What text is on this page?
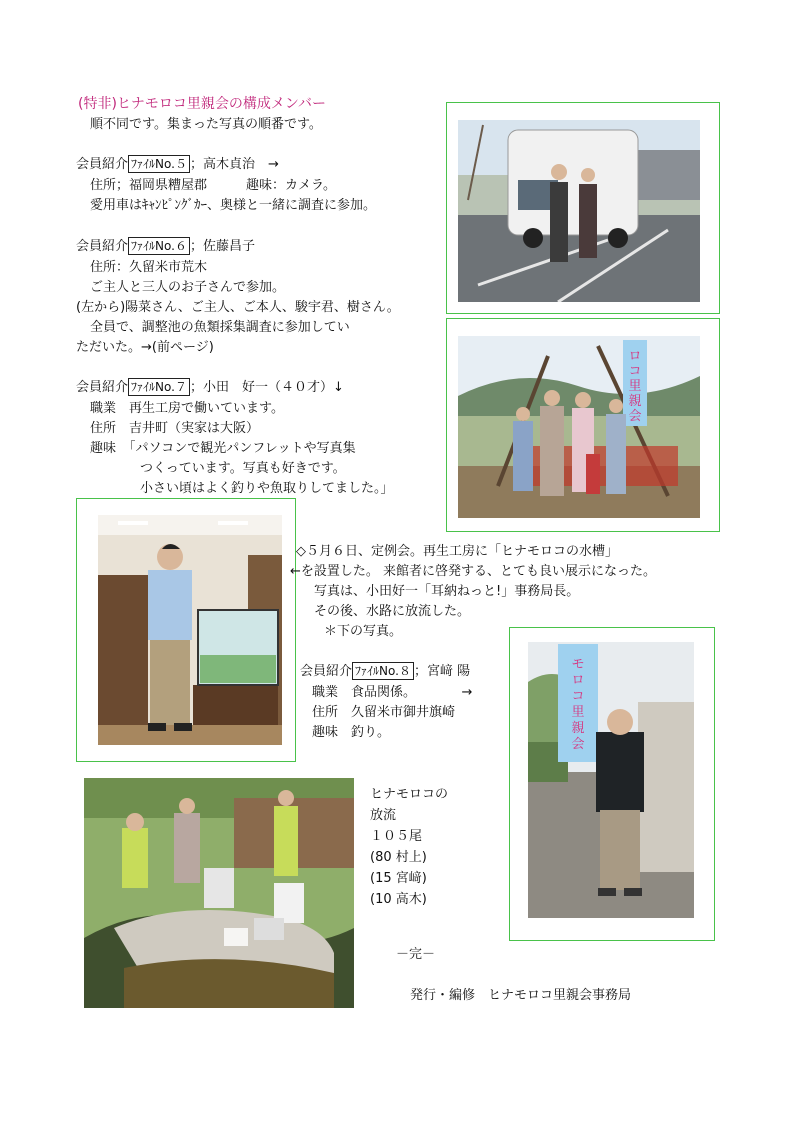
(特非)ヒナモロコ里親会の構成メンバー
順不同です。集まった写真の順番です。
会員紹介 ﾌｧｲﾙNo.５ ；高木貞治　→
住所；福岡県糟屋郡　　　趣味：カメラ。
愛用車はｷｬﾝﾋﾟﾝｸﾞｶｰ、奥様と一緒に調査に参加。
会員紹介 ﾌｧｲﾙNo.６ ；佐藤昌子
住所：久留米市荒木
ご主人と三人のお子さんで参加。
(左から)陽菜さん、ご主人、ご本人、駿宇君、樹さん。
全員で、調整池の魚類採集調査に参加してい
ただいた。→(前ページ)
会員紹介 ﾌｧｲﾙNo.７ ；小田　好一（４０才）↓
職業　再生工房で働いています。
住所　吉井町（実家は大阪）
趣味　「パソコンで観光パンフレットや写真集
つくっています。写真も好きです。
小さい頃はよく釣りや魚取りしてました。」
ロコ里親会
◇５月６日、定例会。再生工房に「ヒナモロコの水槽」
←を設置した。 来館者に啓発する、とても良い展示になった。
写真は、小田好一「耳納ねっと!」事務局長。
その後、水路に放流した。
＊下の写真。
会員紹介 ﾌｧｲﾙNo.８ ；宮﨑 陽
職業　食品関係。　　　　→
住所　久留米市御井旗崎
趣味　釣り。
モロコ里親会
ヒナモロコの
放流
１０５尾
(80 村上)
(15 宮﨑)
(10 高木)
－完－
発行・編修　ヒナモロコ里親会事務局
